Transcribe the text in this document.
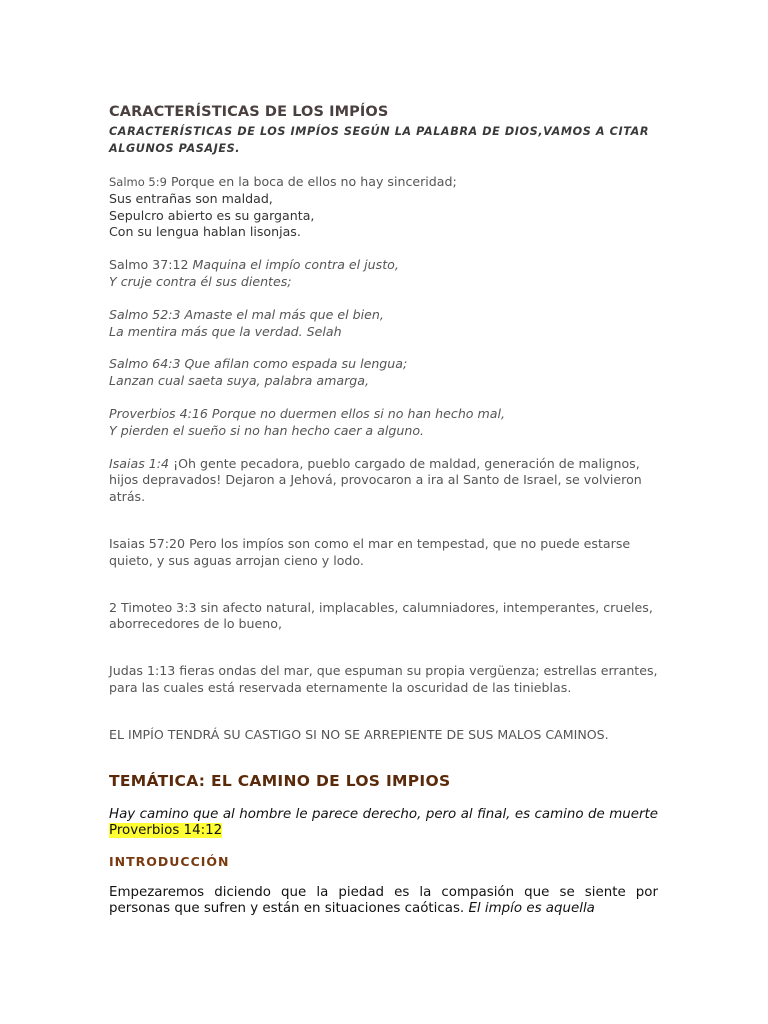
CARACTERÍSTICAS DE LOS IMPÍOS

CARACTERÍSTICAS DE LOS IMPÍOS SEGÚN LA PALABRA DE DIOS,VAMOS A CITAR ALGUNOS PASAJES.

Salmo 5:9 Porque en la boca de ellos no hay sinceridad;
Sus entrañas son maldad,
Sepulcro abierto es su garganta,
Con su lengua hablan lisonjas.

Salmo 37:12 Maquina el impío contra el justo,
Y cruje contra él sus dientes;

Salmo 52:3 Amaste el mal más que el bien,
La mentira más que la verdad. Selah

Salmo 64:3 Que afilan como espada su lengua;
Lanzan cual saeta suya, palabra amarga,

Proverbios 4:16 Porque no duermen ellos si no han hecho mal,
Y pierden el sueño si no han hecho caer a alguno.

Isaias 1:4 ¡Oh gente pecadora, pueblo cargado de maldad, generación de malignos, hijos depravados! Dejaron a Jehová, provocaron a ira al Santo de Israel, se volvieron atrás.

Isaias 57:20 Pero los impíos son como el mar en tempestad, que no puede estarse quieto, y sus aguas arrojan cieno y lodo.

2 Timoteo 3:3 sin afecto natural, implacables, calumniadores, intemperantes, crueles, aborrecedores de lo bueno,

Judas 1:13 fieras ondas del mar, que espuman su propia vergüenza; estrellas errantes, para las cuales está reservada eternamente la oscuridad de las tinieblas.

EL IMPÍO TENDRÁ SU CASTIGO SI NO SE ARREPIENTE DE SUS MALOS CAMINOS.

TEMÁTICA: EL CAMINO DE LOS IMPIOS

Hay camino que al hombre le parece derecho, pero al final, es camino de muerte Proverbios 14:12

INTRODUCCIÓN

Empezaremos diciendo que la piedad es la compasión que se siente por personas que sufren y están en situaciones caóticas. El impío es aquella
